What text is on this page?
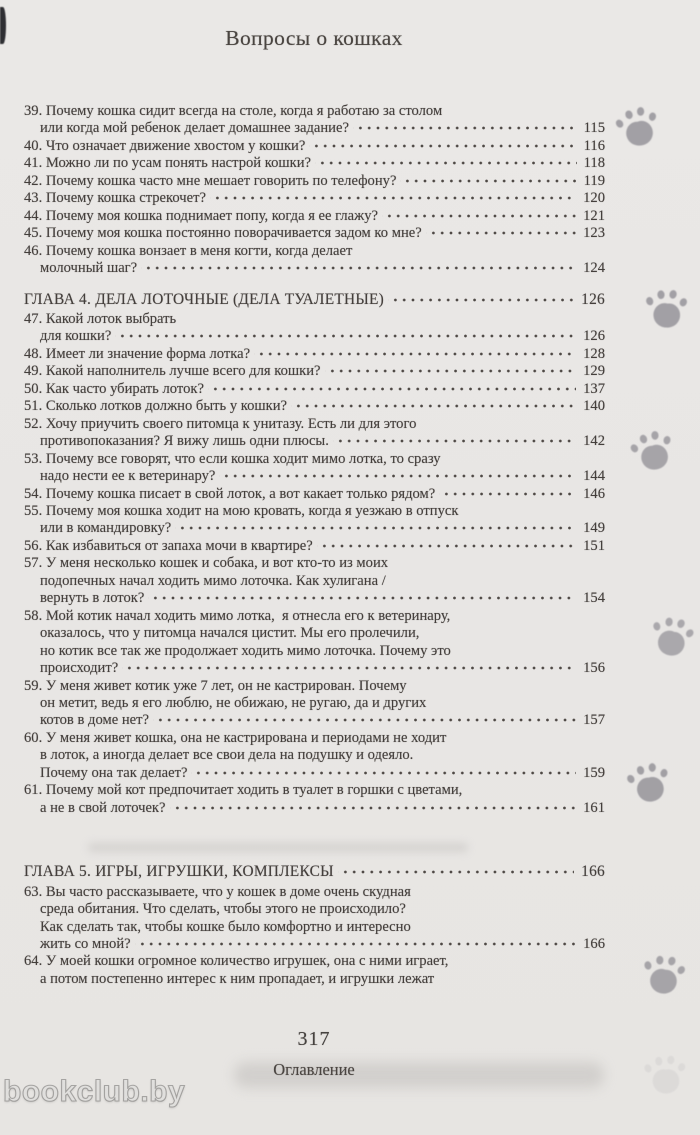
Вопросы о кошках
39. Почему кошка сидит всегда на столе, когда я работаю за столом
или когда мой ребенок делает домашнее задание?	115
40. Что означает движение хвостом у кошки?	116
41. Можно ли по усам понять настрой кошки?	118
42. Почему кошка часто мне мешает говорить по телефону?	119
43. Почему кошка стрекочет?	120
44. Почему моя кошка поднимает попу, когда я ее глажу?	121
45. Почему моя кошка постоянно поворачивается задом ко мне?	123
46. Почему кошка вонзает в меня когти, когда делает
молочный шаг?	124
ГЛАВА 4. ДЕЛА ЛОТОЧНЫЕ (ДЕЛА ТУАЛЕТНЫЕ)	126
47. Какой лоток выбрать
для кошки?	126
48. Имеет ли значение форма лотка?	128
49. Какой наполнитель лучше всего для кошки?	129
50. Как часто убирать лоток?	137
51. Сколько лотков должно быть у кошки?	140
52. Хочу приучить своего питомца к унитазу. Есть ли для этого
противопоказания? Я вижу лишь одни плюсы.	142
53. Почему все говорят, что если кошка ходит мимо лотка, то сразу
надо нести ее к ветеринару?	144
54. Почему кошка писает в свой лоток, а вот какает только рядом?	146
55. Почему моя кошка ходит на мою кровать, когда я уезжаю в отпуск
или в командировку?	149
56. Как избавиться от запаха мочи в квартире?	151
57. У меня несколько кошек и собака, и вот кто-то из моих
подопечных начал ходить мимо лоточка. Как хулигана /
вернуть в лоток?	154
58. Мой котик начал ходить мимо лотка,  я отнесла его к ветеринару,
оказалось, что у питомца начался цистит. Мы его пролечили,
но котик все так же продолжает ходить мимо лоточка. Почему это
происходит?	156
59. У меня живет котик уже 7 лет, он не кастрирован. Почему
он метит, ведь я его люблю, не обижаю, не ругаю, да и других
котов в доме нет?	157
60. У меня живет кошка, она не кастрирована и периодами не ходит
в лоток, а иногда делает все свои дела на подушку и одеяло.
Почему она так делает?	159
61. Почему мой кот предпочитает ходить в туалет в горшки с цветами,
а не в свой лоточек?	161
ГЛАВА 5. ИГРЫ, ИГРУШКИ, КОМПЛЕКСЫ	166
63. Вы часто рассказываете, что у кошек в доме очень скудная
среда обитания. Что сделать, чтобы этого не происходило?
Как сделать так, чтобы кошке было комфортно и интересно
жить со мной?	166
64. У моей кошки огромное количество игрушек, она с ними играет,
а потом постепенно интерес к ним пропадает, и игрушки лежат
317
Оглавление
bookclub.by
